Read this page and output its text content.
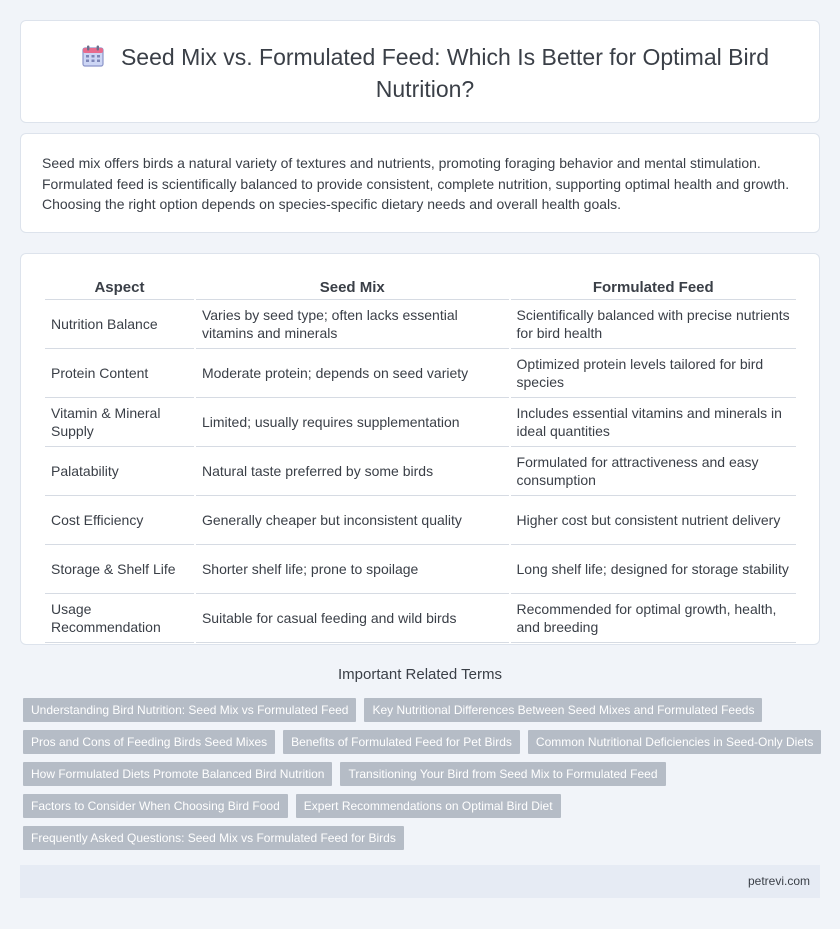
Seed Mix vs. Formulated Feed: Which Is Better for Optimal Bird Nutrition?
Seed mix offers birds a natural variety of textures and nutrients, promoting foraging behavior and mental stimulation. Formulated feed is scientifically balanced to provide consistent, complete nutrition, supporting optimal health and growth. Choosing the right option depends on species-specific dietary needs and overall health goals.
Aspect	Seed Mix	Formulated Feed
Nutrition Balance	Varies by seed type; often lacks essential vitamins and minerals	Scientifically balanced with precise nutrients for bird health
Protein Content	Moderate protein; depends on seed variety	Optimized protein levels tailored for bird species
Vitamin & Mineral Supply	Limited; usually requires supplementation	Includes essential vitamins and minerals in ideal quantities
Palatability	Natural taste preferred by some birds	Formulated for attractiveness and easy consumption
Cost Efficiency	Generally cheaper but inconsistent quality	Higher cost but consistent nutrient delivery
Storage & Shelf Life	Shorter shelf life; prone to spoilage	Long shelf life; designed for storage stability
Usage Recommendation	Suitable for casual feeding and wild birds	Recommended for optimal growth, health, and breeding
Important Related Terms
Understanding Bird Nutrition: Seed Mix vs Formulated Feed	Key Nutritional Differences Between Seed Mixes and Formulated Feeds
Pros and Cons of Feeding Birds Seed Mixes	Benefits of Formulated Feed for Pet Birds	Common Nutritional Deficiencies in Seed-Only Diets
How Formulated Diets Promote Balanced Bird Nutrition	Transitioning Your Bird from Seed Mix to Formulated Feed
Factors to Consider When Choosing Bird Food	Expert Recommendations on Optimal Bird Diet
Frequently Asked Questions: Seed Mix vs Formulated Feed for Birds
petrevi.com
